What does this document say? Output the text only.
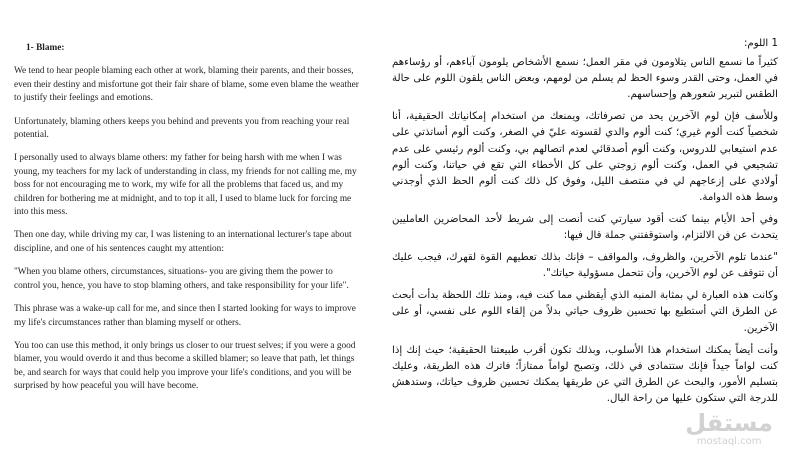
1- Blame:

We tend to hear people blaming each other at work, blaming their parents, and their bosses, even their destiny and misfortune got their fair share of blame, some even blame the weather to justify their feelings and emotions.

Unfortunately, blaming others keeps you behind and prevents you from reaching your real potential.

I personally used to always blame others: my father for being harsh with me when I was young, my teachers for my lack of understanding in class, my friends for not calling me, my boss for not encouraging me to work, my wife for all the problems that faced us, and my children for bothering me at midnight, and to top it all, I used to blame luck for forcing me into this mess.

Then one day, while driving my car, I was listening to an international lecturer's tape about discipline, and one of his sentences caught my attention:

"When you blame others, circumstances, situations- you are giving them the power to control you, hence, you have to stop blaming others, and take responsibility for your life".

This phrase was a wake-up call for me, and since then I started looking for ways to improve my life's circumstances rather than blaming myself or others.

You too can use this method, it only brings us closer to our truest selves; if you were a good blamer, you would overdo it and thus become a skilled blamer; so leave that path, let things be, and search for ways that could help you improve your life's conditions, and you will be surprised by how peaceful you will have become.

1 اللوم:

كثيراً ما نسمع الناس يتلاومون في مقر العمل؛ نسمع الأشخاص يلومون آباءهم، أو رؤساءهم في العمل، وحتى القدر وسوء الحظ لم يسلم من لومهم، وبعض الناس يلقون اللوم على حالة الطقس لتبرير شعورهم وإحساسهم.

وللأسف فإن لوم الآخرين يحد من تصرفاتك، ويمنعك من استخدام إمكانياتك الحقيقية، أنا شخصياً كنت ألوم غيري؛ كنت ألوم والدي لقسوته عليّ في الصغر، وكنت ألوم أساتذتي على عدم استيعابي للدروس، وكنت ألوم أصدقائي لعدم اتصالهم بي، وكنت ألوم رئيسي على عدم تشجيعي في العمل، وكنت ألوم زوجتي على كل الأخطاء التي تقع في حياتنا، وكنت ألوم أولادي على إزعاجهم لي في منتصف الليل، وفوق كل ذلك كنت ألوم الحظ الذي أوجدني وسط هذه الدوامة.

وفي أحد الأيام بينما كنت أقود سيارتي كنت أنصت إلى شريط لأحد المحاضرين العامليين يتحدث عن فن الالتزام، واستوقفتني جملة قال فيها:

"عندما تلوم الآخرين، والظروف، والمواقف – فإنك بذلك تعطيهم القوة لقهرك، فيجب عليك أن تتوقف عن لوم الآخرين، وأن تتحمل مسؤولية حياتك".

وكانت هذه العبارة لي بمثابة المنبه الذي أيقظني مما كنت فيه، ومنذ تلك اللحظة بدأت أبحث عن الطرق التي أستطيع بها تحسين ظروف حياتي بدلاً من إلقاء اللوم على نفسي، أو على الآخرين.

وأنت أيضاً يمكنك استخدام هذا الأسلوب، وبذلك تكون أقرب طبيعتنا الحقيقية؛ حيث إنك إذا كنت لواماً جيداً فإنك ستتمادى في ذلك، وتصبح لواماً ممتازاً؛ فاترك هذه الطريقة، وعليك بتسليم الأمور، والبحث عن الطرق التي عن طريقها يمكنك تحسين ظروف حياتك، وستدهش للدرجة التي ستكون عليها من راحة البال.

مستقل
mostaql.com
